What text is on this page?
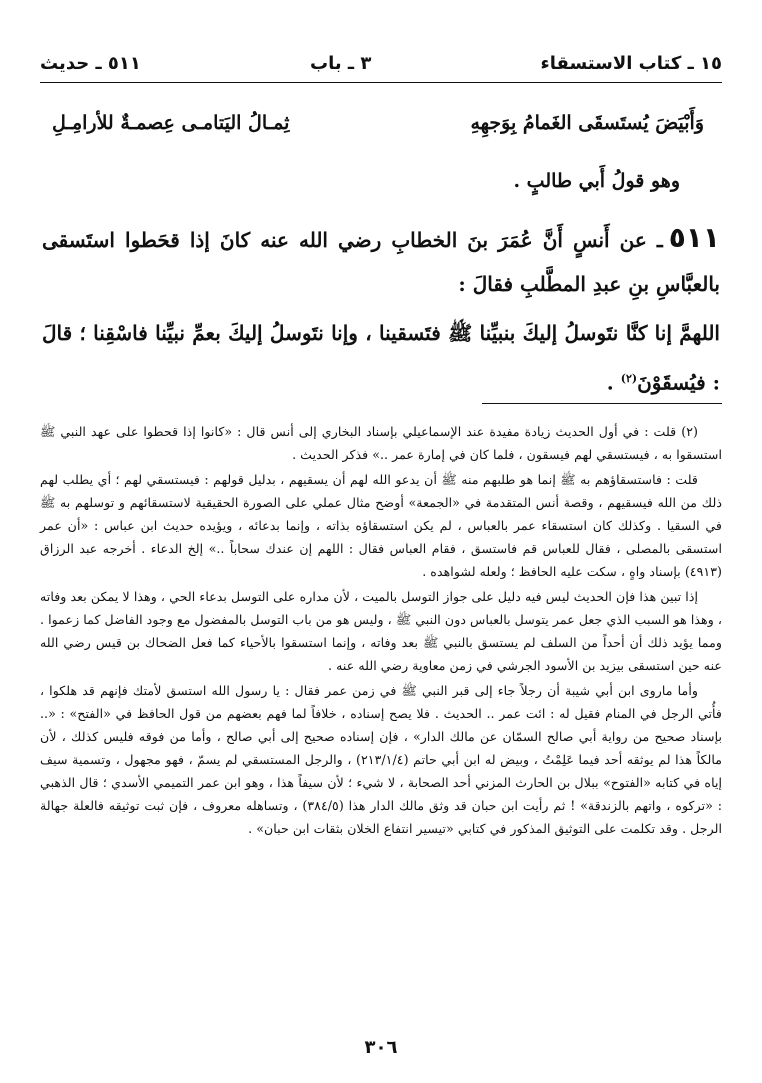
١٥ ـ كتاب الاستسقاء
٣ ـ باب
٥١١ ـ حديث
وَأَبْيَضَ يُستَسقَى الغَمامُ بِوَجهِهِ
ثِمـالُ اليَتامـى عِصمـةٌ للأرامِـلِ
وهو قولُ أَبي طالبٍ .
٥١١ـ عن أَنسٍ أَنَّ عُمَرَ بنَ الخطابِ رضي الله عنه كانَ إذا قحَطوا استَسقى بالعبَّاسِ بنِ عبدِ المطَّلبِ فقالَ :
اللهمَّ إنا كنَّا نتَوسلُ إليكَ بنبيِّنا ﷺ فتَسقينا ، وإنا نتَوسلُ إليكَ بعمِّ نبيِّنا فاسْقِنا ؛ قالَ : فيُسقَوْنَ$^{(٢)}$ .

(٢) قلت : في أول الحديث زيادة مفيدة عند الإسماعيلي بإسناد البخاري إلى أنس قال : «كانوا إذا قحطوا على عهد النبي ﷺ استسقوا به ، فيستسقي لهم فيسقون ، فلما كان في إمارة عمر ..» فذكر الحديث .

قلت : فاستسقاؤهم به ﷺ إنما هو طلبهم منه ﷺ أن يدعو الله لهم أن يسقيهم ، بدليل قولهم : فيستسقي لهم ؛ أي يطلب لهم ذلك من الله فيسقيهم ، وقصة أنس المتقدمة في «الجمعة» أوضح مثال عملي على الصورة الحقيقية لاستسقائهم و توسلهم به ﷺ في السقيا . وكذلك كان استسقاء عمر بالعباس ، لم يكن استسقاؤه بذاته ، وإنما بدعائه ، ويؤيده حديث ابن عباس : «أن عمر استسقى بالمصلى ، فقال للعباس قم فاستسق ، فقام العباس فقال : اللهم إن عندك سحاباً ..» إلخ الدعاء . أخرجه عبد الرزاق (٤٩١٣) بإسناد واهٍ ، سكت عليه الحافظ ؛ ولعله لشواهده .

إذا تبين هذا فإن الحديث ليس فيه دليل على جواز التوسل بالميت ، لأن مداره على التوسل بدعاء الحي ، وهذا لا يمكن بعد وفاته ، وهذا هو السبب الذي جعل عمر يتوسل بالعباس دون النبي ﷺ ، وليس هو من باب التوسل بالمفضول مع وجود الفاضل كما زعموا . ومما يؤيد ذلك أن أحداً من السلف لم يستسق بالنبي ﷺ بعد وفاته ، وإنما استسقوا بالأحياء كما فعل الضحاك بن قيس رضي الله عنه حين استسقى بيزيد بن الأسود الجرشي في زمن معاوية رضي الله عنه .

وأما ماروى ابن أبي شيبة أن رجلاً جاء إلى قبر النبي ﷺ في زمن عمر فقال : يا رسول الله استسق لأمتك فإنهم قد هلكوا ، فأُتي الرجل في المنام فقيل له : ائت عمر .. الحديث . فلا يصح إسناده ، خلافاً لما فهم بعضهم من قول الحافظ في «الفتح» : «.. بإسناد صحيح من رواية أبي صالح السمّان عن مالك الدار» ، فإن إسناده صحيح إلى أبي صالح ، وأما من فوقه فليس كذلك ، لأن مالكاً هذا لم يوثقه أحد فيما عَلِمْتُ ، وبيض له ابن أبي حاتم (٢١٣/١/٤) ، والرجل المستسقي لم يسمّ ، فهو مجهول ، وتسمية سيف إياه في كتابه «الفتوح» ببلال بن الحارث المزني أحد الصحابة ، لا شيء ؛ لأن سيفاً هذا ، وهو ابن عمر التميمي الأسدي ؛ قال الذهبي : «تركوه ، واتهم بالزندقة» ! ثم رأيت ابن حبان قد وثق مالك الدار هذا (٣٨٤/٥) ، وتساهله معروف ، فإن ثبت توثيقه فالعلة جهالة الرجل . وقد تكلمت على التوثيق المذكور في كتابي «تيسير انتفاع الخلان بثقات ابن حبان» .

٣٠٦
